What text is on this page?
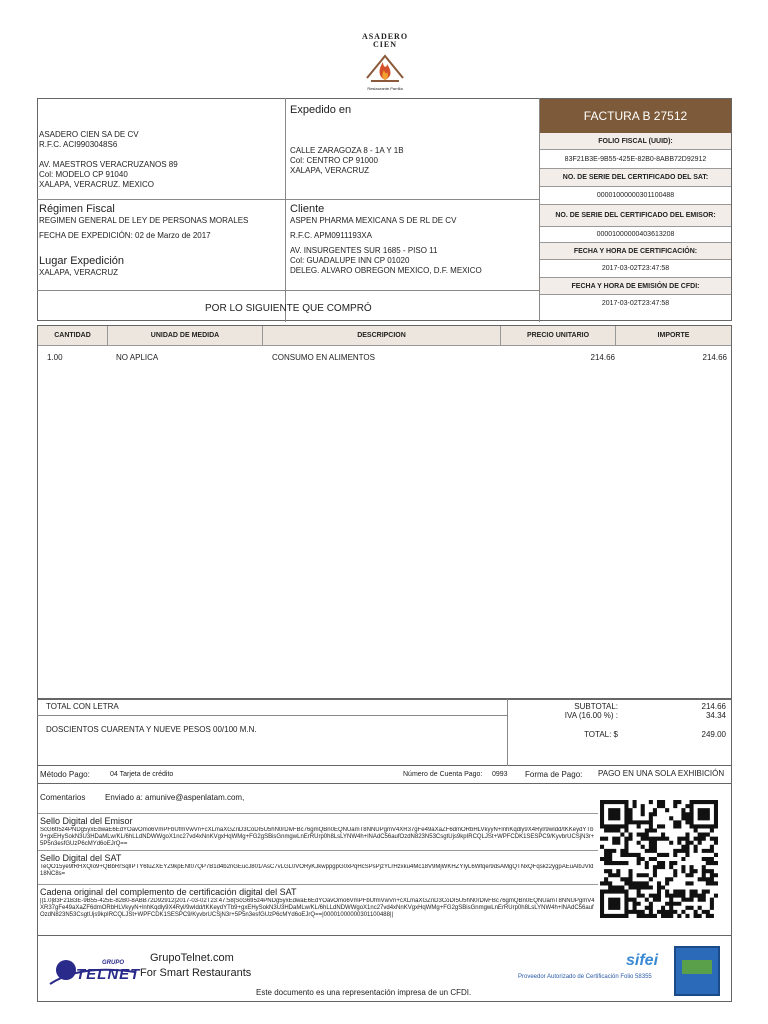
ASADERO
CIEN
Restaurante Parrilla
ASADERO CIEN SA DE CV
R.F.C. ACI9903048S6
AV. MAESTROS VERACRUZANOS 89
Col: MODELO CP 91040
XALAPA, VERACRUZ. MEXICO
Expedido en
CALLE ZARAGOZA 8 - 1A Y 1B
Col: CENTRO CP 91000
XALAPA, VERACRUZ
Régimen Fiscal
REGIMEN GENERAL DE LEY DE PERSONAS MORALES
FECHA DE EXPEDICIÓN: 02 de Marzo de 2017
Lugar Expedición
XALAPA, VERACRUZ
Cliente
ASPEN PHARMA MEXICANA S DE RL DE CV
R.F.C. APM0911193XA
AV. INSURGENTES SUR 1685 - PISO 11
Col: GUADALUPE INN CP 01020
DELEG. ALVARO OBREGON MEXICO, D.F. MEXICO
FACTURA B 27512
FOLIO FISCAL (UUID):
83F21B3E-9B55-425E-82B0-8ABB72D92912
NO. DE SERIE DEL CERTIFICADO DEL SAT:
00001000000301100488
NO. DE SERIE DEL CERTIFICADO DEL EMISOR:
00001000000403613208
FECHA Y HORA DE CERTIFICACIÓN:
2017-03-02T23:47:58
FECHA Y HORA DE EMISIÓN DE CFDI:
2017-03-02T23:47:58
POR LO SIGUIENTE QUE COMPRÓ
CANTIDAD	UNIDAD DE MEDIDA	DESCRIPCION	PRECIO UNITARIO	IMPORTE
1.00	NO APLICA	CONSUMO EN ALIMENTOS	214.66	214.66
TOTAL CON LETRA
DOSCIENTOS CUARENTA Y NUEVE PESOS 00/100 M.N.
SUBTOTAL:	214.66
IVA (16.00 %) :	34.34
TOTAL: $	249.00
Método Pago:	04 Tarjeta de crédito	Número de Cuenta Pago: 0993 Forma de Pago: PAGO EN UNA SOLA EXHIBICIÓN
Comentarios Enviado a: amunive@aspenlatam.com,
Sello Digital del Emisor
ScG6tI5z4PNDg5yxEdwaE6EdYOavOmo6VmPFbUfmVwVn+cXLmaXGZriD3CoDI5U5hN0rDlvFBc76gmQBn0EQNUamT8NNUPgmV4XR37gFe49aXaZF6dmORbHLVkyyN+lnhKqdly9X4Ryl/9wIdd/tKKeydYTb9+gxEHySokN3U3HDaMLw/KL/6hLLdNDWWgoX1nc27vd4xNnKVgxHqWMg+FG2gSBisGnmgwLnErRUrp0h8LsLYNW4h+lNAdC56aufOzdN823N53CsgtUjs9kpIRCQLJSt+WPFCDK1SESPC9/KyvbrUCSjN3r+5P5n3esfGUzP6cMYd6oEJrQ==
Sello Digital del SAT
TeQO15ye9fRHXQIo9+QBbRrSqlIPTY6tuZXEYZ9kpENt07QP7B1d4b2nGEucJ801/AsC7vLGL0VORyKJkwppgpG0xPqHcSPsPjzYLrHzxku4Mc18V9MjWKHZYIyL6Wfqe/9dsAMgQTNxQFqskz2ygpAEuAlbJVld18NC8s=
Cadena original del complemento de certificación digital del SAT
||1.0|83F21B3E-9B55-425E-82B0-8ABB72D92912|2017-03-02T23:47:58|ScG6tI5z4PNDg5yxEdwaE6EdYOavOmo6VmPFbUfmVwVn+cXLmaXGZriD3CoDI5U5hN0rDlvFBc76gmQBn0EQNUamT8NNUPgmV4XR37gFe49aXaZF6dmORbHLVkyyN+lnhKqdly9X4Ryl/9wIdd/tKKeydYTb9+gxEHySokN3U3HDaMLw/KL/6hLLdNDWWgoX1nc27vd4xNnKVgxHqWMg+FG2gSBisGnmgwLnErRUrp0h8LsLYNW4h+lNAdC56aufOzdN823N53CsgtUjs9kpIRCQLJSt+WPFCDK1SESPC9/KyvbrUCSjN3r+5P5n3esfGUzP6cMYd6oEJrQ==|00001000000301100488||
GRUPO
TELNET
GrupoTelnet.com
For Smart Restaurants
Este documento es una representación impresa de un CFDI.
sifei
Proveedor Autorizado de Certificación Folio 58355
